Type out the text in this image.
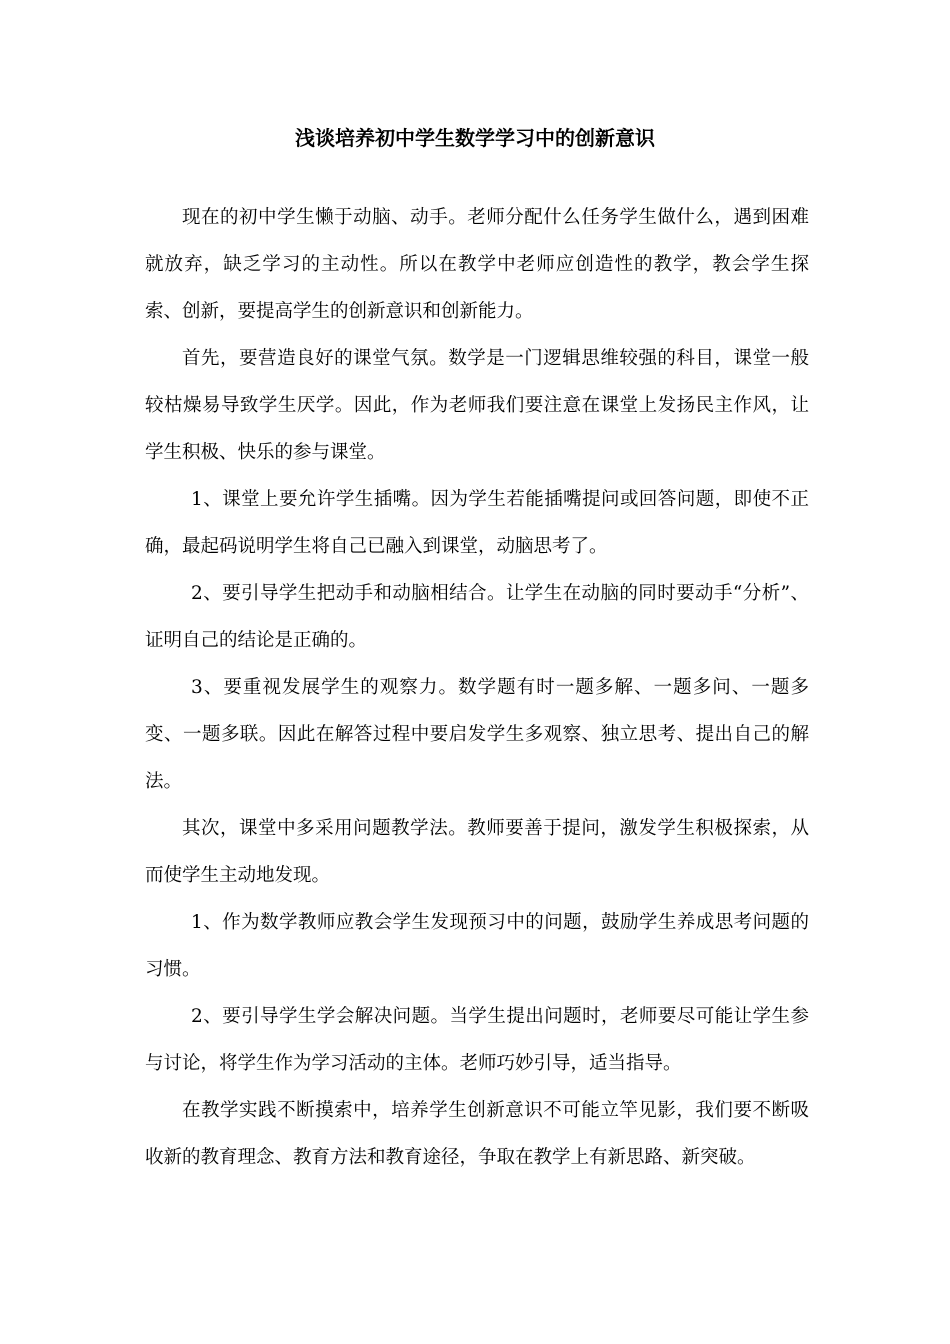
浅谈培养初中学生数学学习中的创新意识

现在的初中学生懒于动脑、动手。老师分配什么任务学生做什么，遇到困难就放弃，缺乏学习的主动性。所以在教学中老师应创造性的教学，教会学生探索、创新，要提高学生的创新意识和创新能力。

首先，要营造良好的课堂气氛。数学是一门逻辑思维较强的科目，课堂一般较枯燥易导致学生厌学。因此，作为老师我们要注意在课堂上发扬民主作风，让学生积极、快乐的参与课堂。

1、课堂上要允许学生插嘴。因为学生若能插嘴提问或回答问题，即使不正确，最起码说明学生将自己已融入到课堂，动脑思考了。

2、要引导学生把动手和动脑相结合。让学生在动脑的同时要动手“分析”、证明自己的结论是正确的。

3、要重视发展学生的观察力。数学题有时一题多解、一题多问、一题多变、一题多联。因此在解答过程中要启发学生多观察、独立思考、提出自己的解法。

其次，课堂中多采用问题教学法。教师要善于提问，激发学生积极探索，从而使学生主动地发现。

1、作为数学教师应教会学生发现预习中的问题，鼓励学生养成思考问题的习惯。

2、要引导学生学会解决问题。当学生提出问题时，老师要尽可能让学生参与讨论，将学生作为学习活动的主体。老师巧妙引导，适当指导。

在教学实践不断摸索中，培养学生创新意识不可能立竿见影，我们要不断吸收新的教育理念、教育方法和教育途径，争取在教学上有新思路、新突破。
